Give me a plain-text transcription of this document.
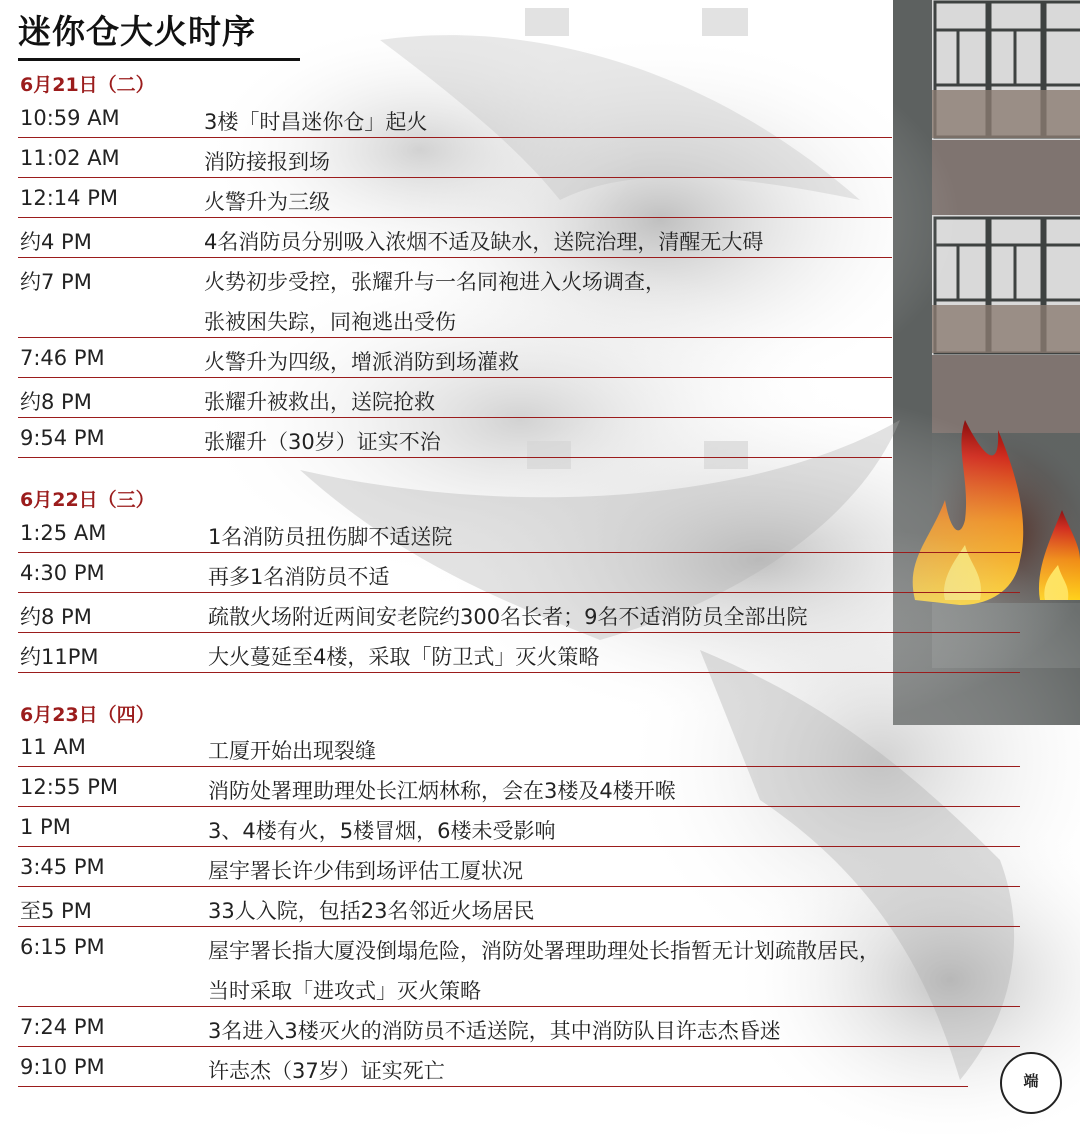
迷你仓大火时序
6月21日（二）
10:59 AM	3楼「时昌迷你仓」起火
11:02 AM	消防接报到场
12:14 PM	火警升为三级
约4 PM	4名消防员分别吸入浓烟不适及缺水，送院治理，清醒无大碍
约7 PM	火势初步受控，张耀升与一名同袍进入火场调查，
张被困失踪，同袍逃出受伤
7:46 PM	火警升为四级，增派消防到场灌救
约8 PM	张耀升被救出，送院抢救
9:54 PM	张耀升（30岁）证实不治
6月22日（三）
1:25 AM	1名消防员扭伤脚不适送院
4:30 PM	再多1名消防员不适
约8 PM	疏散火场附近两间安老院约300名长者；9名不适消防员全部出院
约11PM	大火蔓延至4楼，采取「防卫式」灭火策略
6月23日（四）
11 AM	工厦开始出现裂缝
12:55 PM	消防处署理助理处长江炳林称，会在3楼及4楼开喉
1 PM	3、4楼有火，5楼冒烟，6楼未受影响
3:45 PM	屋宇署长许少伟到场评估工厦状况
至5 PM	33人入院，包括23名邻近火场居民
6:15 PM	屋宇署长指大厦没倒塌危险，消防处署理助理处长指暂无计划疏散居民，
当时采取「进攻式」灭火策略
7:24 PM	3名进入3楼灭火的消防员不适送院，其中消防队目许志杰昏迷
9:10 PM	许志杰（37岁）证实死亡	端
